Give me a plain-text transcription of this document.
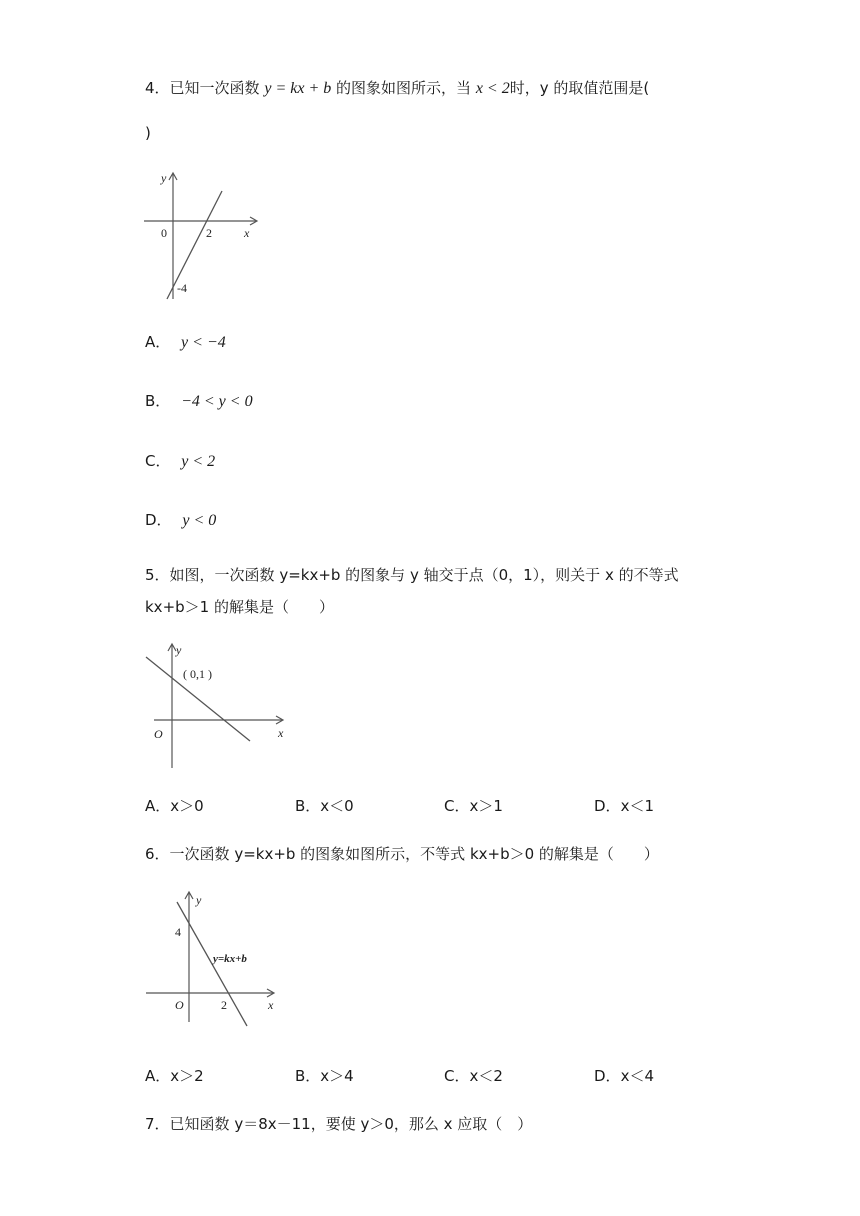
4．已知一次函数 y = kx + b 的图象如图所示，当 x < 2时，y 的取值范围是(
)
y
x
0	2
-4
A． y < −4
B． −4 < y < 0
C． y < 2
D． y < 0
5．如图，一次函数 y=kx+b 的图象与 y 轴交于点（0，1），则关于 x 的不等式
kx+b＞1 的解集是（　　）
y
x
O
( 0,1 )
A．x＞0	B．x＜0	C．x＞1	D．x＜1
6．一次函数 y=kx+b 的图象如图所示，不等式 kx+b＞0 的解集是（　　）
y
x
O
4
2
y=kx+b
A．x＞2	B．x＞4	C．x＜2	D．x＜4
7．已知函数 y＝8x－11，要使 y＞0，那么 x 应取（　）
